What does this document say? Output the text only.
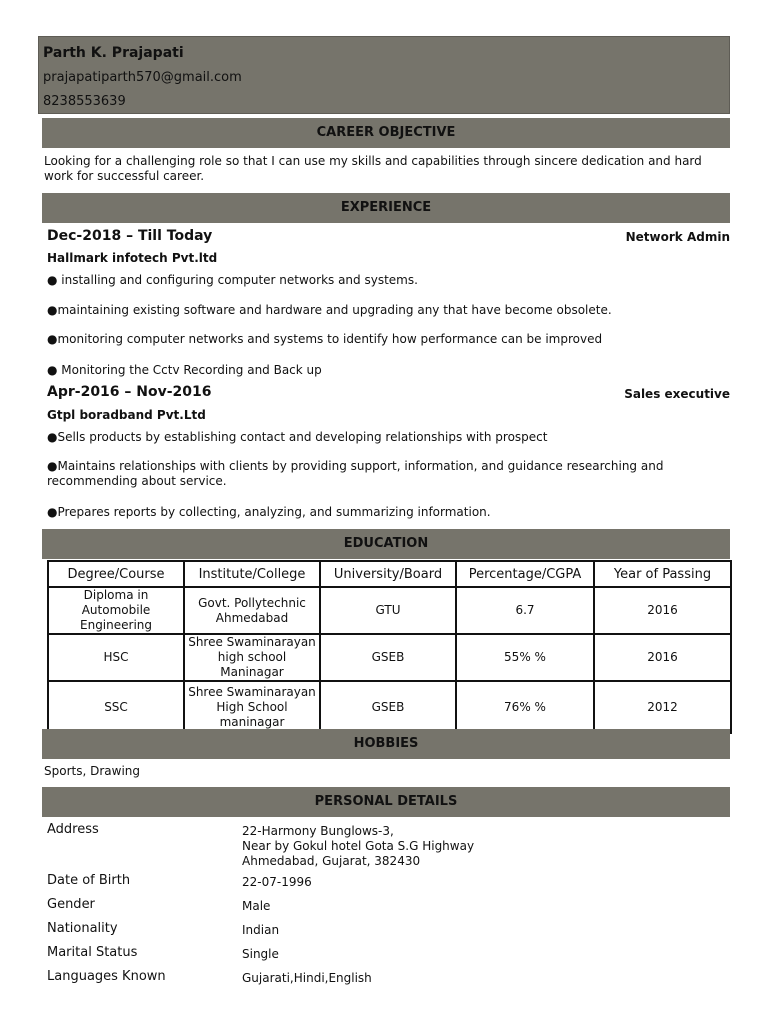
Parth K. Prajapati
prajapatiparth570@gmail.com
8238553639
CAREER OBJECTIVE
Looking for a challenging role so that I can use my skills and capabilities through sincere dedication and hard work for successful career.
EXPERIENCE
Dec-2018 – Till Today	Network Admin
Hallmark infotech Pvt.ltd
● installing and configuring computer networks and systems.
●maintaining existing software and hardware and upgrading any that have become obsolete.
●monitoring computer networks and systems to identify how performance can be improved
● Monitoring the Cctv Recording and Back up
Apr-2016 – Nov-2016	Sales executive
Gtpl boradband Pvt.Ltd
●Sells products by establishing contact and developing relationships with prospect
●Maintains relationships with clients by providing support, information, and guidance researching and recommending about service.
●Prepares reports by collecting, analyzing, and summarizing information.
EDUCATION
Degree/Course	Institute/College	University/Board	Percentage/CGPA	Year of Passing
Diploma in Automobile Engineering	Govt. Pollytechnic Ahmedabad	GTU	6.7	2016
HSC	Shree Swaminarayan high school Maninagar	GSEB	55% %	2016
SSC	Shree Swaminarayan High School maninagar	GSEB	76% %	2012
HOBBIES
Sports, Drawing
PERSONAL DETAILS
Address	22-Harmony Bunglows-3,
Near by Gokul hotel Gota S.G Highway
Ahmedabad, Gujarat, 382430
Date of Birth	22-07-1996
Gender	Male
Nationality	Indian
Marital Status	Single
Languages Known	Gujarati,Hindi,English
